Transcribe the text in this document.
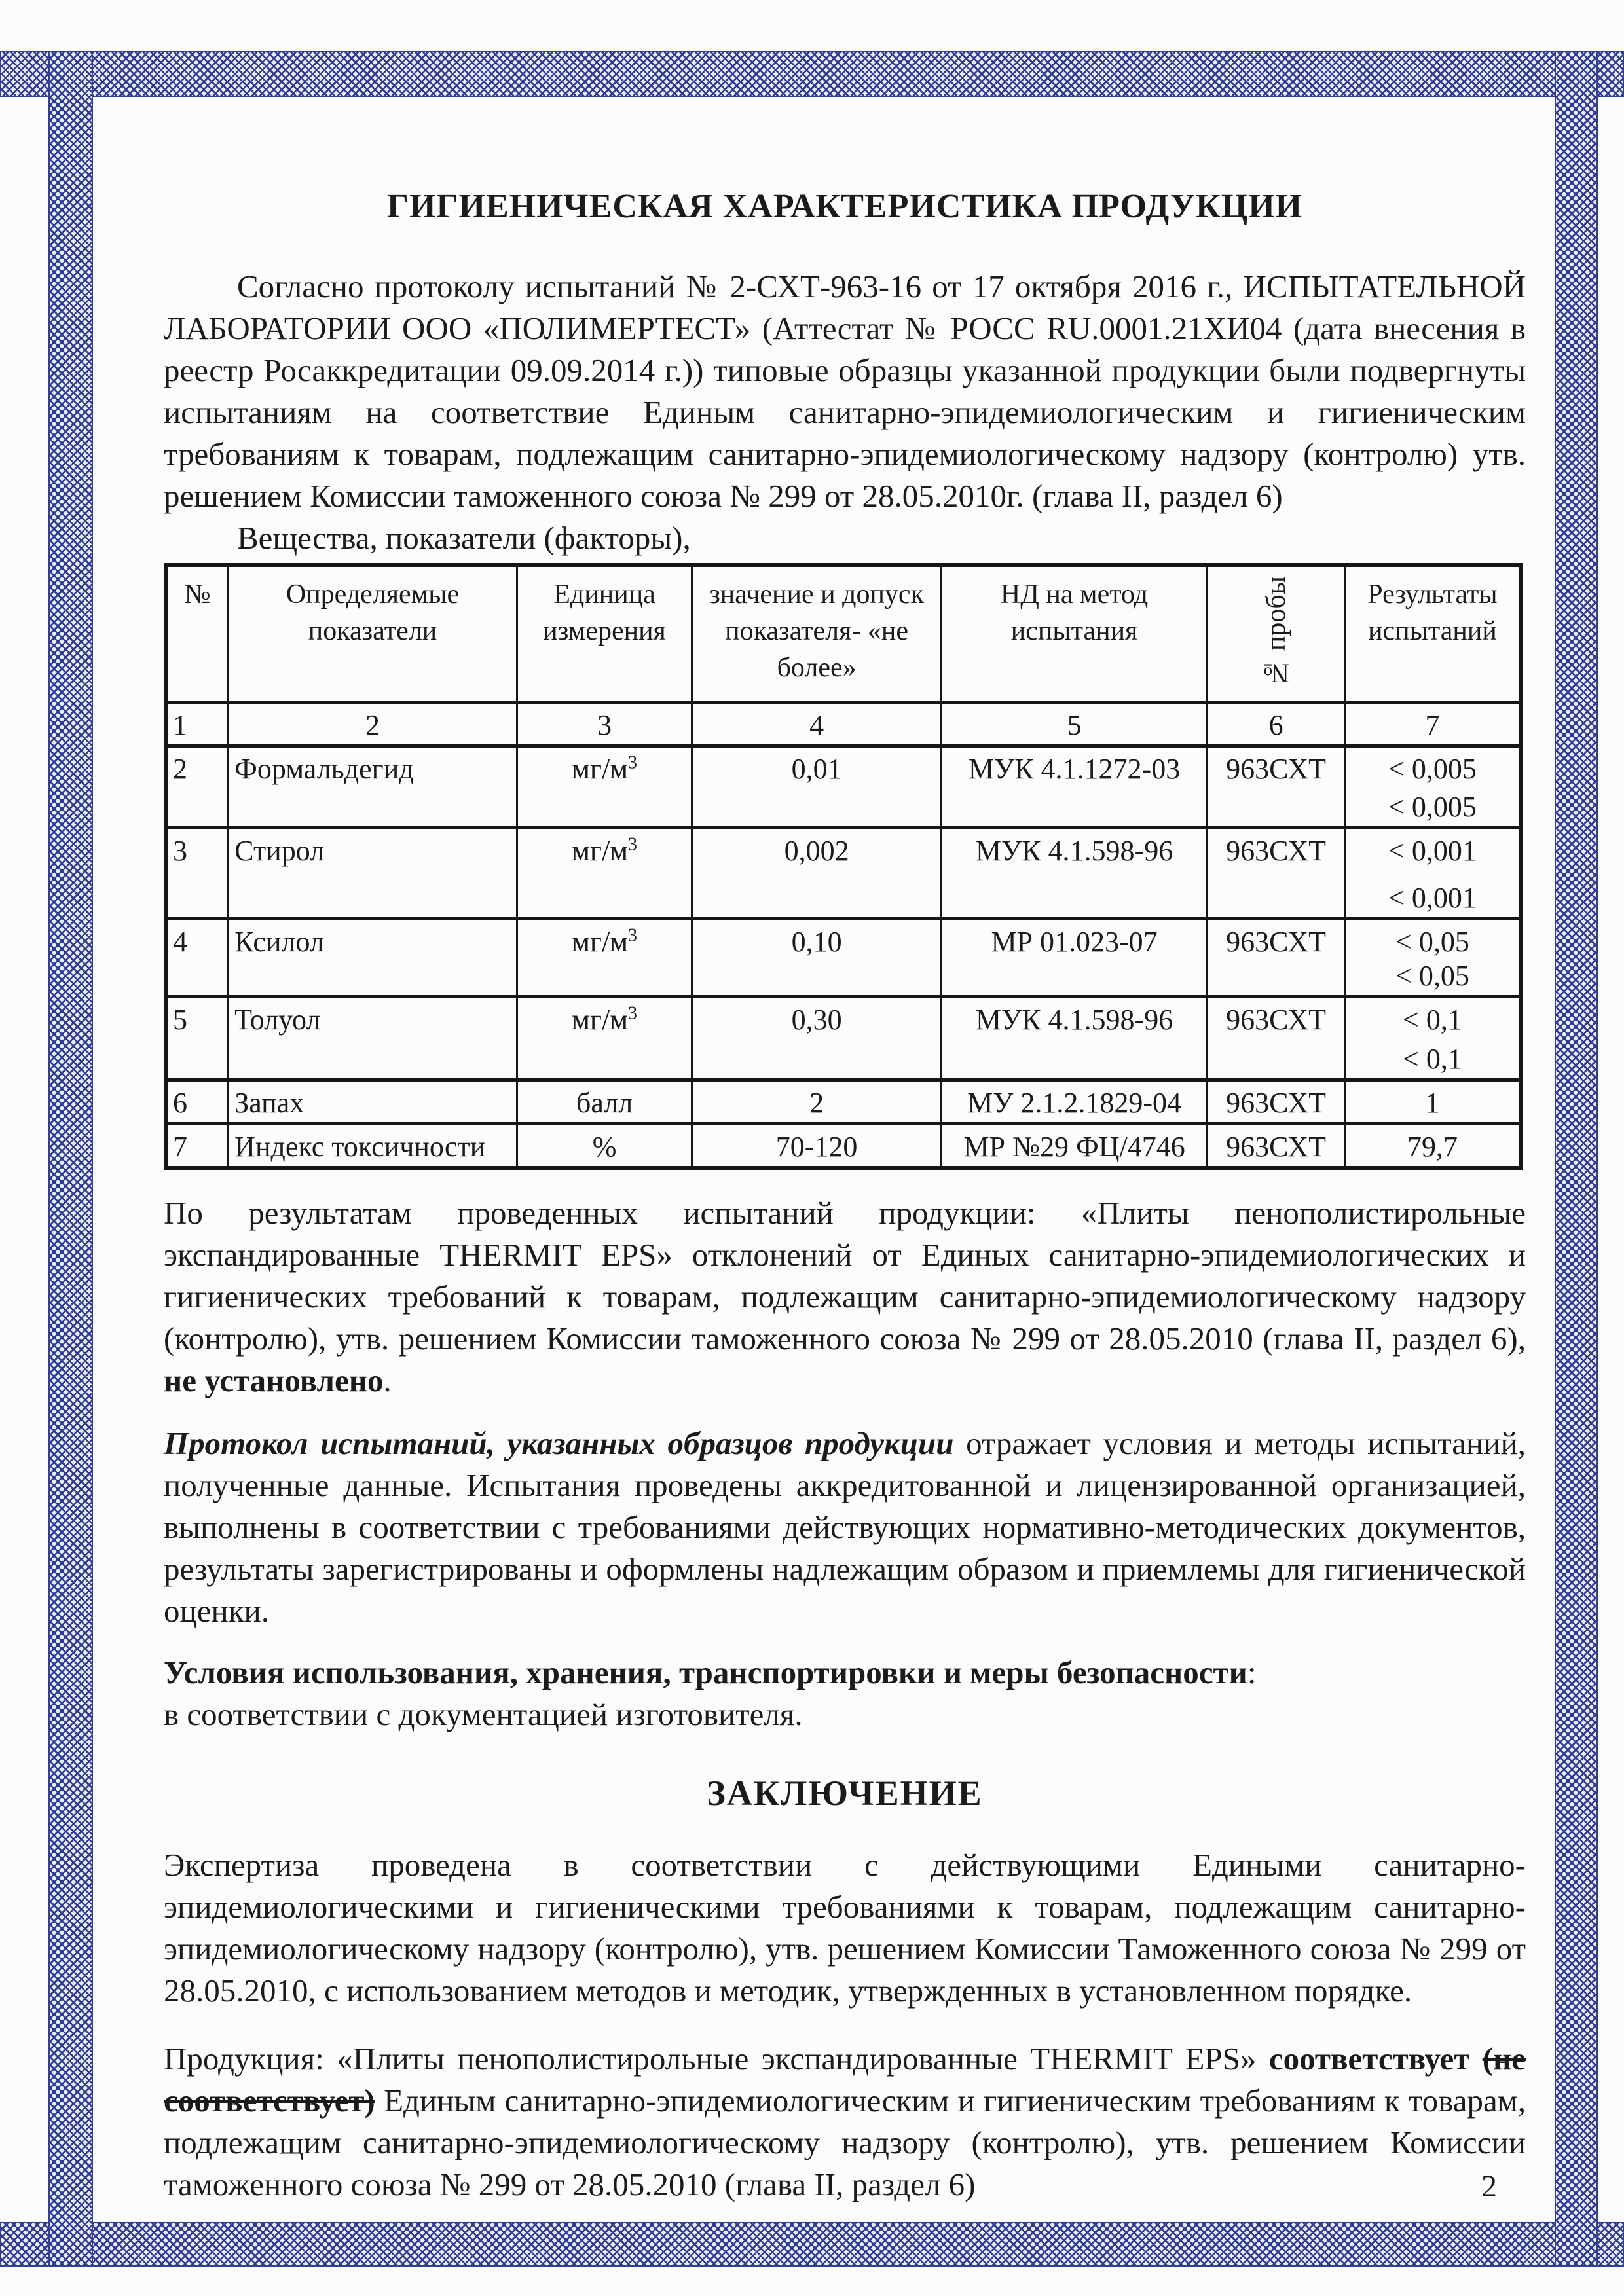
ГИГИЕНИЧЕСКАЯ ХАРАКТЕРИСТИКА ПРОДУКЦИИ

Согласно протоколу испытаний № 2-СХТ-963-16 от 17 октября 2016 г., ИСПЫТАТЕЛЬНОЙ ЛАБОРАТОРИИ ООО «ПОЛИМЕРТЕСТ» (Аттестат № РОСС RU.0001.21ХИ04 (дата внесения в реестр Росаккредитации 09.09.2014 г.)) типовые образцы указанной продукции были подвергнуты испытаниям на соответствие Единым санитарно-эпидемиологическим и гигиеническим требованиям к товарам, подлежащим санитарно-эпидемиологическому надзору (контролю) утв. решением Комиссии таможенного союза № 299 от 28.05.2010г. (глава II, раздел 6)

Вещества, показатели (факторы),

№	Определяемые показатели	Единица измерения	значение и допуск показателя- «не более»	НД на метод испытания	№ пробы	Результаты испытаний
1	2	3	4	5	6	7
2	Формальдегид	$мг/м^3$	0,01	МУК 4.1.1272-03	963СХТ	< 0,005
< 0,005

3	Стирол	$мг/м^3$	0,002	МУК 4.1.598-96	963СХТ	< 0,001
< 0,001

4	Ксилол	$мг/м^3$	0,10	МР 01.023-07	963СХТ	< 0,05
< 0,05

5	Толуол	$мг/м^3$	0,30	МУК 4.1.598-96	963СХТ	< 0,1
< 0,1

6	Запах	балл	2	МУ 2.1.2.1829-04	963СХТ	1

7	Индекс токсичности	%	70-120	МР №29 ФЦ/4746	963СХТ	79,7

По результатам проведенных испытаний продукции: «Плиты пенополистирольные экспандированные THERMIT EPS» отклонений от Единых санитарно-эпидемиологических и гигиенических требований к товарам, подлежащим санитарно-эпидемиологическому надзору (контролю), утв. решением Комиссии таможенного союза № 299 от 28.05.2010 (глава II, раздел 6), не установлено.

Протокол испытаний, указанных образцов продукции отражает условия и методы испытаний, полученные данные. Испытания проведены аккредитованной и лицензированной организацией, выполнены в соответствии с требованиями действующих нормативно-методических документов, результаты зарегистрированы и оформлены надлежащим образом и приемлемы для гигиенической оценки.

Условия использования, хранения, транспортировки и меры безопасности:
в соответствии с документацией изготовителя.
ЗАКЛЮЧЕНИЕ

Экспертиза проведена в соответствии с действующими Едиными санитарно-эпидемиологическими и гигиеническими требованиями к товарам, подлежащим санитарно-эпидемиологическому надзору (контролю), утв. решением Комиссии Таможенного союза № 299 от 28.05.2010, с использованием методов и методик, утвержденных в установленном порядке.

Продукция: «Плиты пенополистирольные экспандированные THERMIT EPS» соответствует (не соответствует) Единым санитарно-эпидемиологическим и гигиеническим требованиям к товарам, подлежащим санитарно-эпидемиологическому надзору (контролю), утв. решением Комиссии таможенного союза № 299 от 28.05.2010 (глава II, раздел 6)	2
